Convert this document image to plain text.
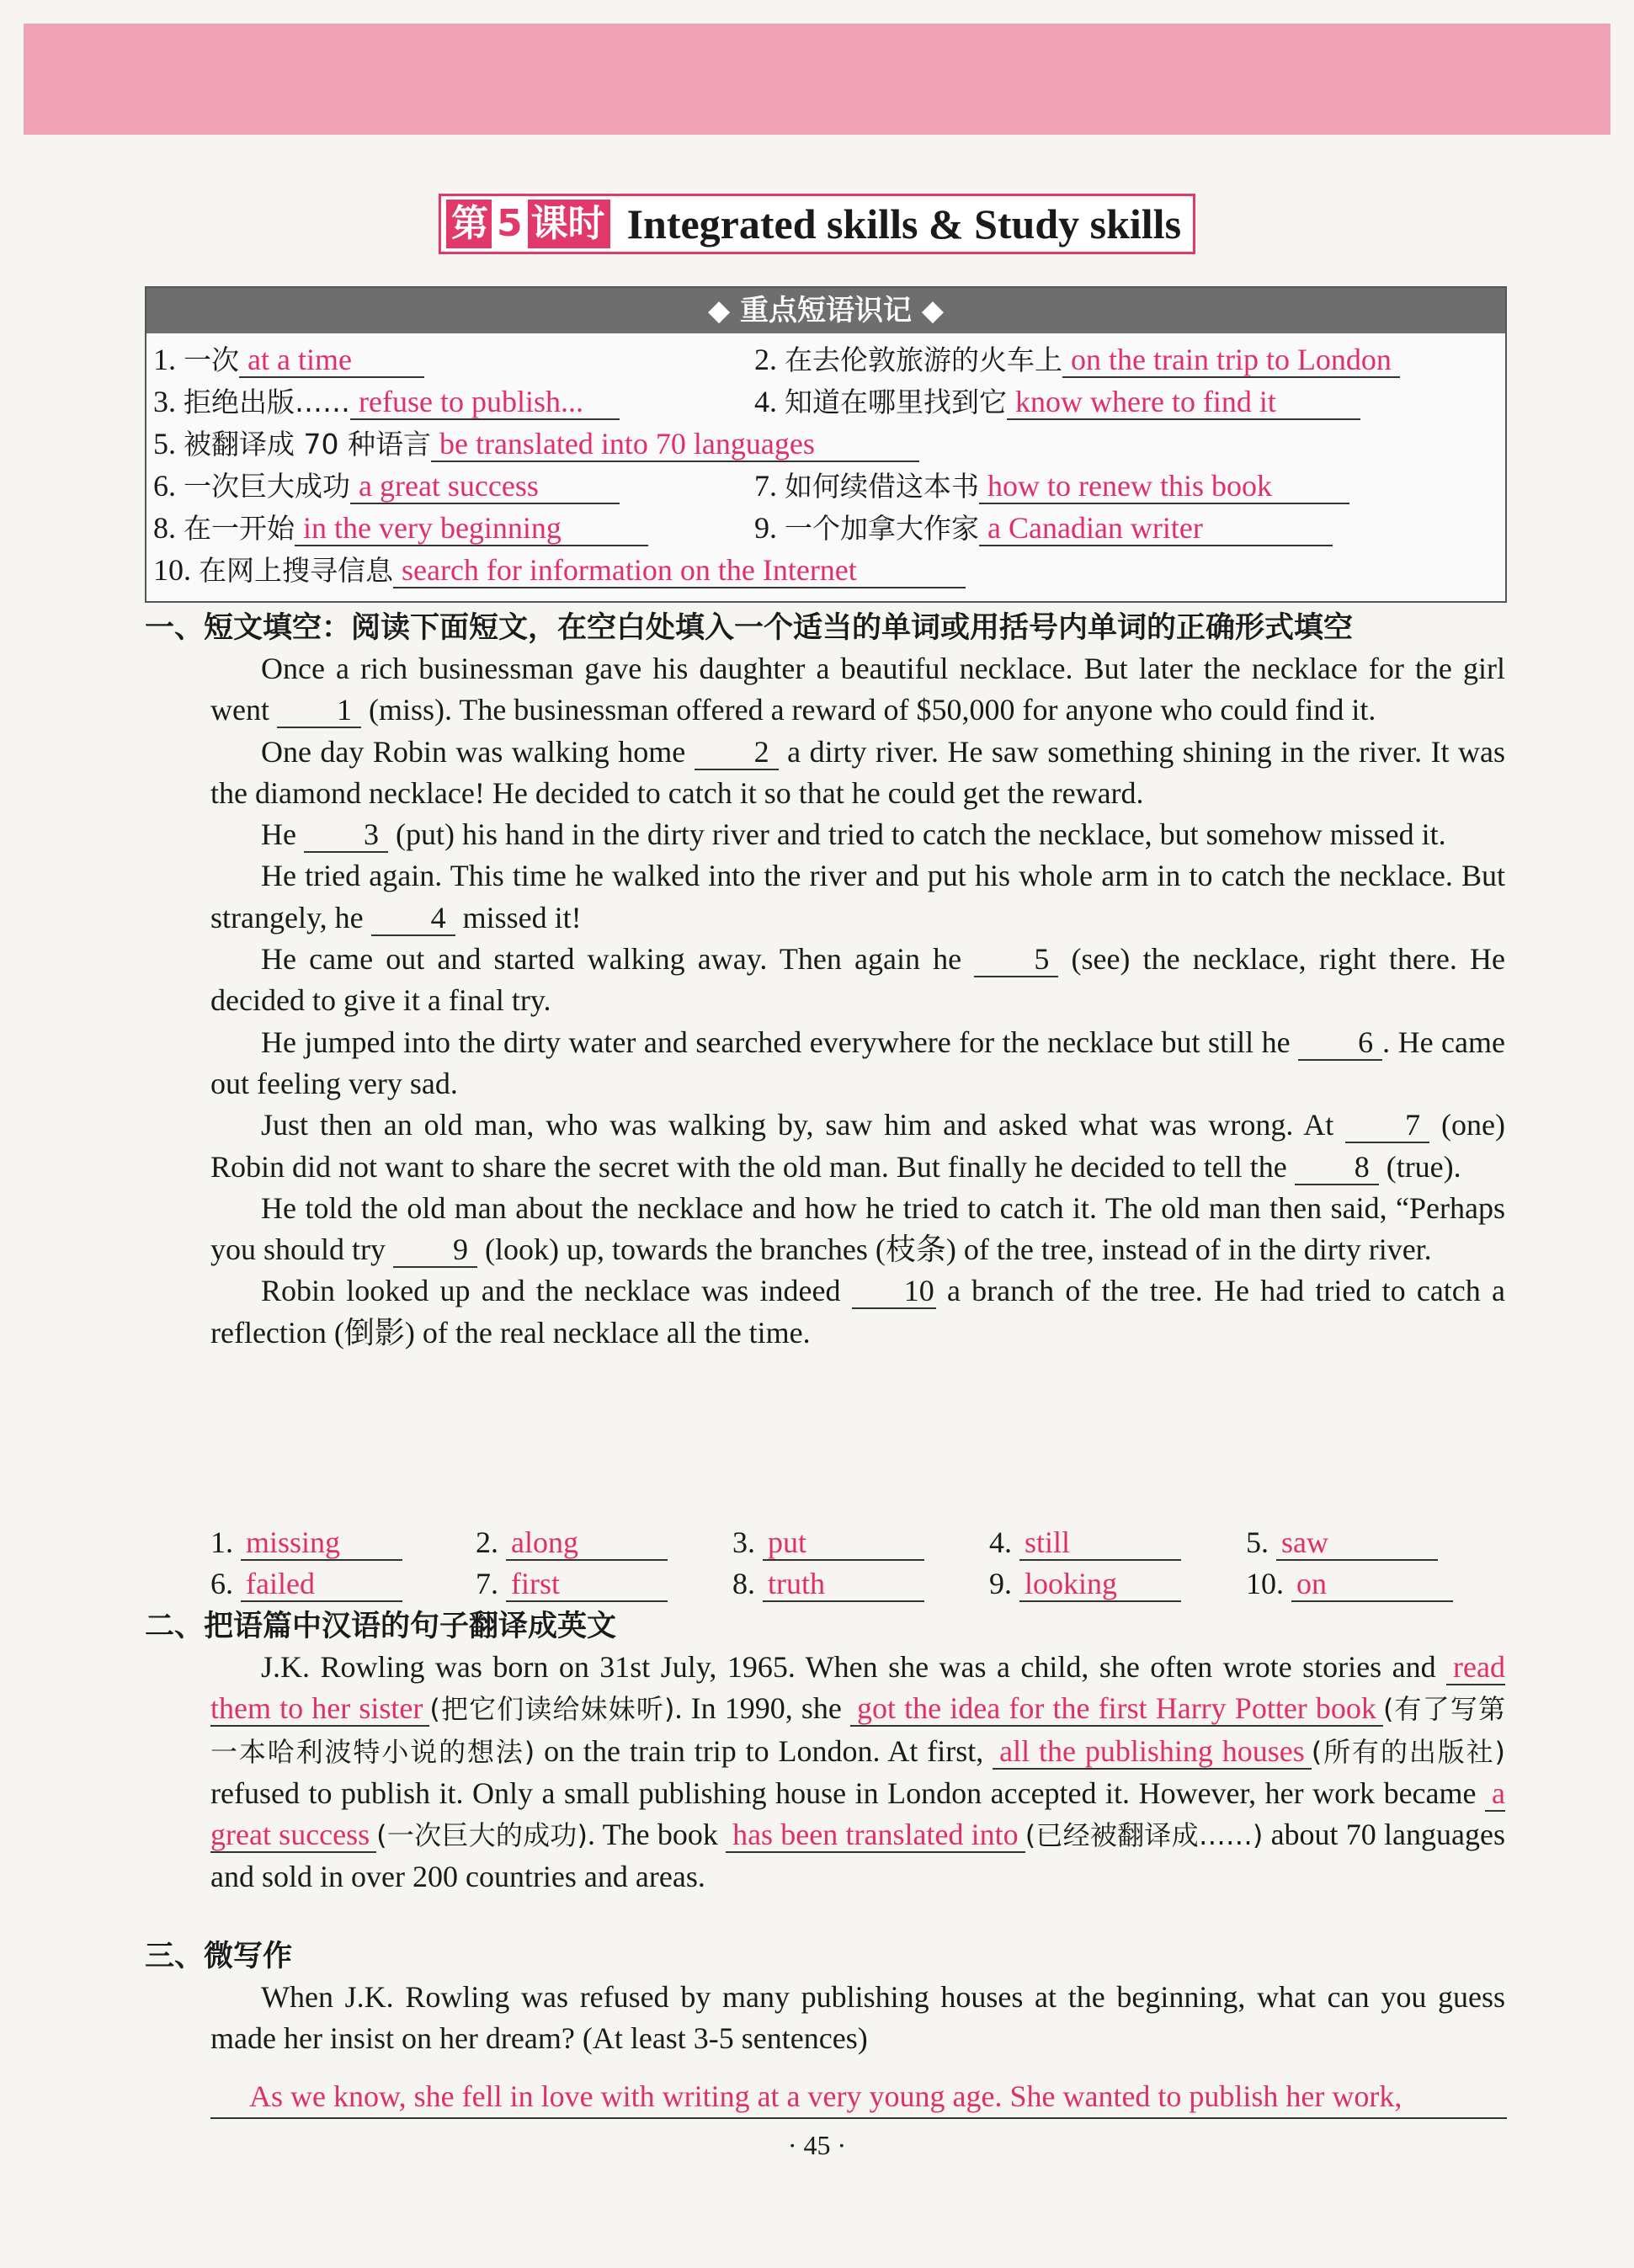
第 5 课时 Integrated skills & Study skills
◆ 重点短语识记 ◆
1. 一次 at a time	2. 在去伦敦旅游的火车上 on the train trip to London
3. 拒绝出版…… refuse to publish...	4. 知道在哪里找到它 know where to find it
5. 被翻译成 70 种语言 be translated into 70 languages
6. 一次巨大成功 a great success	7. 如何续借这本书 how to renew this book
8. 在一开始 in the very beginning	9. 一个加拿大作家 a Canadian writer
10. 在网上搜寻信息 search for information on the Internet
一、短文填空：阅读下面短文，在空白处填入一个适当的单词或用括号内单词的正确形式填空

Once a rich businessman gave his daughter a beautiful necklace. But later the necklace for the girl went 1 (miss). The businessman offered a reward of $50,000 for anyone who could find it.

One day Robin was walking home 2 a dirty river. He saw something shining in the river. It was the diamond necklace! He decided to catch it so that he could get the reward.

He 3 (put) his hand in the dirty river and tried to catch the necklace, but somehow missed it.

He tried again. This time he walked into the river and put his whole arm in to catch the necklace. But strangely, he 4 missed it!

He came out and started walking away. Then again he 5 (see) the necklace, right there. He decided to give it a final try.

He jumped into the dirty water and searched everywhere for the necklace but still he 6 . He came out feeling very sad.

Just then an old man, who was walking by, saw him and asked what was wrong. At 7 (one) Robin did not want to share the secret with the old man. But finally he decided to tell the 8 (true).

He told the old man about the necklace and how he tried to catch it. The old man then said, “Perhaps you should try 9 (look) up, towards the branches (枝条) of the tree, instead of in the dirty river.

Robin looked up and the necklace was indeed 10 a branch of the tree. He had tried to catch a reflection (倒影) of the real necklace all the time.

1. missing	2. along	3. put	4. still	5. saw
6. failed	7. first	8. truth	9. looking	10. on
二、把语篇中汉语的句子翻译成英文

J.K. Rowling was born on 31st July, 1965. When she was a child, she often wrote stories and read them to her sister (把它们读给妹妹听). In 1990, she got the idea for the first Harry Potter book (有了写第一本哈利波特小说的想法) on the train trip to London. At first, all the publishing houses (所有的出版社) refused to publish it. Only a small publishing house in London accepted it. However, her work became a great success (一次巨大的成功). The book has been translated into (已经被翻译成……) about 70 languages and sold in over 200 countries and areas.

三、微写作

When J.K. Rowling was refused by many publishing houses at the beginning, what can you guess made her insist on her dream? (At least 3-5 sentences)

As we know, she fell in love with writing at a very young age. She wanted to publish her work,
· 45 ·
